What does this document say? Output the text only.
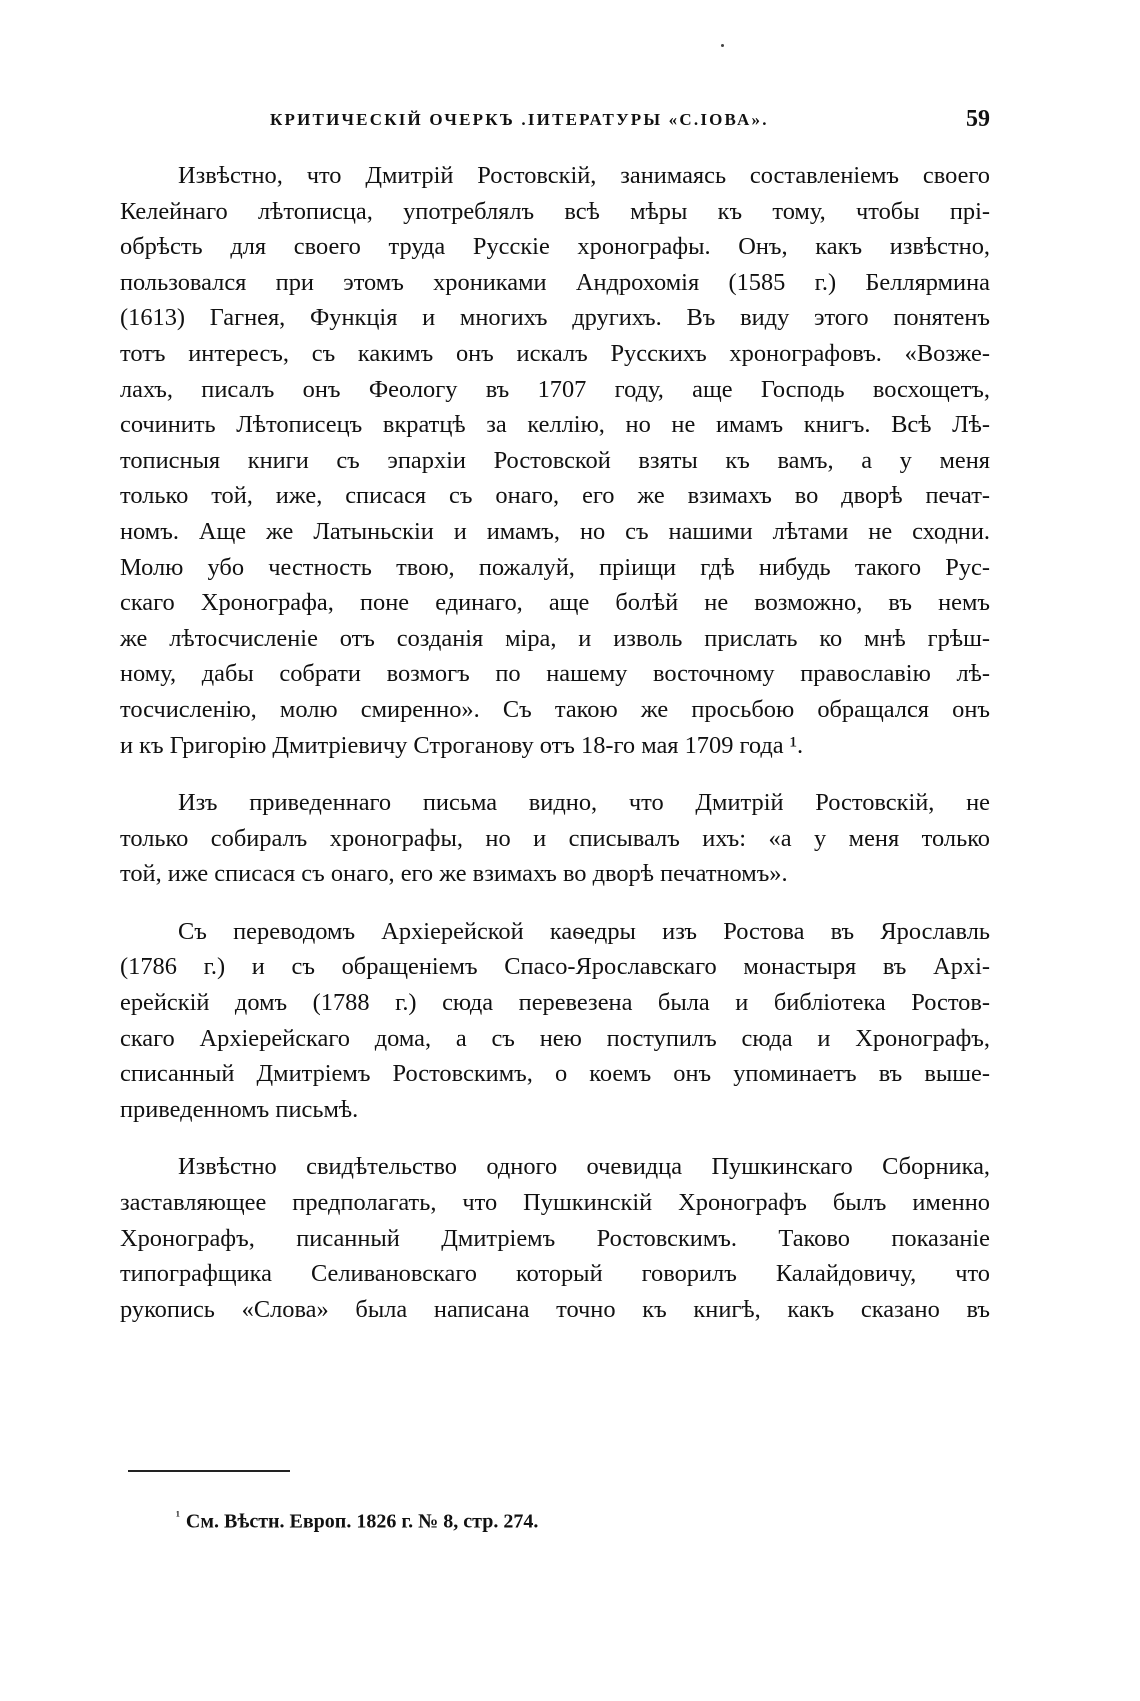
КРИТИЧЕСКIЙ ОЧЕРКЪ .IИТЕРАТУРЫ «С.IОВА».	59

Извѣстно, что Дмитрій Ростовскій, занимаясь составленіемъ своего
Келейнаго лѣтописца, употреблялъ всѣ мѣры къ тому, чтобы прі-
обрѣсть для своего труда Русскіе хронографы. Онъ, какъ извѣстно,
пользовался при этомъ хрониками Андрохомія (1585 г.) Беллярмина
(1613) Гагнея, Функція и многихъ другихъ. Въ виду этого понятенъ
тотъ интересъ, съ какимъ онъ искалъ Русскихъ хронографовъ. «Возже-
лахъ, писалъ онъ Феологу въ 1707 году, аще Господь восхощетъ,
сочинить Лѣтописецъ вкратцѣ за келлію, но не имамъ книгъ. Всѣ Лѣ-
тописныя книги съ эпархіи Ростовской взяты къ вамъ, а у меня
только той, иже, списася съ онаго, его же взимахъ во дворѣ печат-
номъ. Аще же Латыньскіи и имамъ, но съ нашими лѣтами не сходни.
Молю убо честность твою, пожалуй, пріищи гдѣ нибудь такого Рус-
скаго Хронографа, поне единаго, аще болѣй не возможно, въ немъ
же лѣтосчисленіе отъ созданія міра, и изволь прислать ко мнѣ грѣш-
ному, дабы собрати возмогъ по нашему восточному православію лѣ-
тосчисленію, молю смиренно». Съ такою же просьбою обращался онъ
и къ Григорію Дмитріевичу Строганову отъ 18-го мая 1709 года ¹.

Изъ приведеннаго письма видно, что Дмитрій Ростовскій, не
только собиралъ хронографы, но и списывалъ ихъ: «а у меня только
той, иже списася съ онаго, его же взимахъ во дворѣ печатномъ».

Съ переводомъ Архіерейской каѳедры изъ Ростова въ Ярославль
(1786 г.) и съ обращеніемъ Спасо-Ярославскаго монастыря въ Архі-
ерейскій домъ (1788 г.) сюда перевезена была и библіотека Ростов-
скаго Архіерейскаго дома, а съ нею поступилъ сюда и Хронографъ,
списанный Дмитріемъ Ростовскимъ, о коемъ онъ упоминаетъ въ выше-
приведенномъ письмѣ.

Извѣстно свидѣтельство одного очевидца Пушкинскаго Сборника,
заставляющее предполагать, что Пушкинскій Хронографъ былъ именно
Хронографъ, писанный Дмитріемъ Ростовскимъ. Таково показаніе
типографщика Селивановскаго который говорилъ Калайдовичу, что
рукопись «Слова» была написана точно къ книгѣ, какъ сказано въ

$^{^1}$ См. Вѣстн. Европ. 1826 г. № 8, стр. 274.
